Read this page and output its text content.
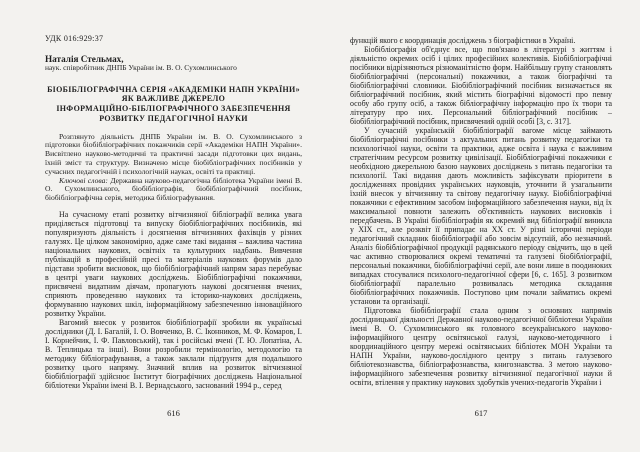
УДК 016:929:37
Наталія Стельмах,
наук. співробітник ДНПБ України ім. В. О. Сухомлинського
БІОБІБЛІОГРАФІЧНА СЕРІЯ «АКАДЕМІКИ НАПН УКРАЇНИ»
ЯК ВАЖЛИВЕ ДЖЕРЕЛО
ІНФОРМАЦІЙНО-БІБЛІОГРАФІЧНОГО ЗАБЕЗПЕЧЕННЯ
РОЗВИТКУ ПЕДАГОГІЧНОЇ НАУКИ

Розглянуто діяльність ДНПБ України ім. В. О. Сухомлинського з підготовки біобібліографічних покажчиків серії «Академіки НАПН України». Висвітлено науково-методичні та практичні засади підготовки цих видань, їхній зміст та структуру. Визначено місце біобібліографічних посібників у сучасних педагогічній і психологічній науках, освіті та практиці.

Ключові слова: Державна науково-педагогічна бібліотека України імені В. О. Сухомлинського, біобібліографія, біобібліографічний посібник, біобібліографічна серія, методика бібліографування.

На сучасному етапі розвитку вітчизняної бібліографії велика увага приділяється підготовці та випуску біобібліографічних посібників, які популяризують діяльність і досягнення вітчизняних фахівців у різних галузях. Це цілком закономірно, адже саме такі видання – важлива частина національних наукових, освітніх та культурних надбань. Вивчення публікацій в професійній пресі та матеріалів наукових форумів дало підстави зробити висновок, що біобібліографічний напрям зараз перебуває в центрі уваги наукових досліджень. Біобібліографічні покажчики, присвячені видатним діячам, пропагують наукові досягнення вчених, сприяють проведенню наукових та історико-наукових досліджень, формуванню наукових шкіл, інформаційному забезпеченню інноваційного розвитку України.

Вагомий внесок у розвиток біобібліографії зробили як українські дослідники (Д. І. Багалій, І. О. Вовченко, В. С. Іконников, М. Ф. Комаров, І. І. Корнейчик, І. Ф. Павловський), так і російські вчені (Т. Ю. Лопатіна, А. В. Теплицька та інші). Вони розробили термінологію, методологію та методику бібліографування, а також заклали підґрунтя для подальшого розвитку цього напряму. Значний вплив на розвиток вітчизняної біобібліографії здійснює Інститут біографічних досліджень Національної бібліотеки України імені В. І. Вернадського, заснований 1994 р., серед

616

функцій якого є координація досліджень з біографістики в Україні.

Біобібліографія об'єднує все, що пов'язано в літературі з життям і діяльністю окремих осіб і цілих професійних колективів. Біобібліографічні посібники відрізняються різноманітністю форм. Найбільшу групу становлять біобібліографічні (персональні) покажчики, а також біографічні та біобібліографічні словники. Біобібліографічний посібник визначається як бібліографічний посібник, який містить біографічні відомості про певну особу або групу осіб, а також бібліографічну інформацію про їх твори та літературу про них. Персональний бібліографічний посібник – біобібліографічний посібник, присвячений одній особі [3, с. 317].

У сучасній українській біобібліографії вагоме місце займають біобібліографічні посібники з актуальних питань розвитку педагогіки та психологічної науки, освіти та практики, адже освіта і наука є важливим стратегічним ресурсом розвитку цивілізації. Біобібліографічні покажчики є необхідною джерельною базою наукових досліджень з питань педагогіки та психології. Такі видання дають можливість зафіксувати пріоритети в дослідженнях провідних українських науковців, уточнити й узагальнити їхній внесок у вітчизняну та світову педагогічну науку. Біобібліографічні покажчики є ефективним засобом інформаційного забезпечення науки, від їх максимальної повноти залежить об'єктивність наукових висновків і передбачень. В Україні біобібліографія як окремий вид бібліографії виникла у XIX ст., але розквіт її припадає на XX ст. У різні історичні періоди педагогічний складник біобібліографії або зовсім відсутній, або незначний. Аналіз біобібліографічної продукції радянського періоду свідчить, що в цей час активно створювалися окремі тематичні та галузеві біобібліографії, персональні покажчики, біобібліографічні серії, але вони лише в поодиноких випадках стосувалися психолого-педагогічної сфери [6, с. 165]. З розвитком біобібліографії паралельно розвивалась методика складання біобібліографічних покажчиків. Поступово цим почали займатись окремі установи та організації.

Підготовка біобібліографії стала одним з основних напрямів дослідницької діяльності Державної науково-педагогічної бібліотеки України імені В. О. Сухомлинського як головного всеукраїнського науково-інформаційного центру освітянської галузі, науково-методичного і координаційного центру мережі освітянських бібліотек МОН України та НАПН України, науково-дослідного центру з питань галузевого бібліотекознавства, бібліографознавства, книгознавства. З метою науково-інформаційного забезпечення розвитку вітчизняної педагогічної науки й освіти, втілення у практику наукових здобутків учених-педагогів України і

617
